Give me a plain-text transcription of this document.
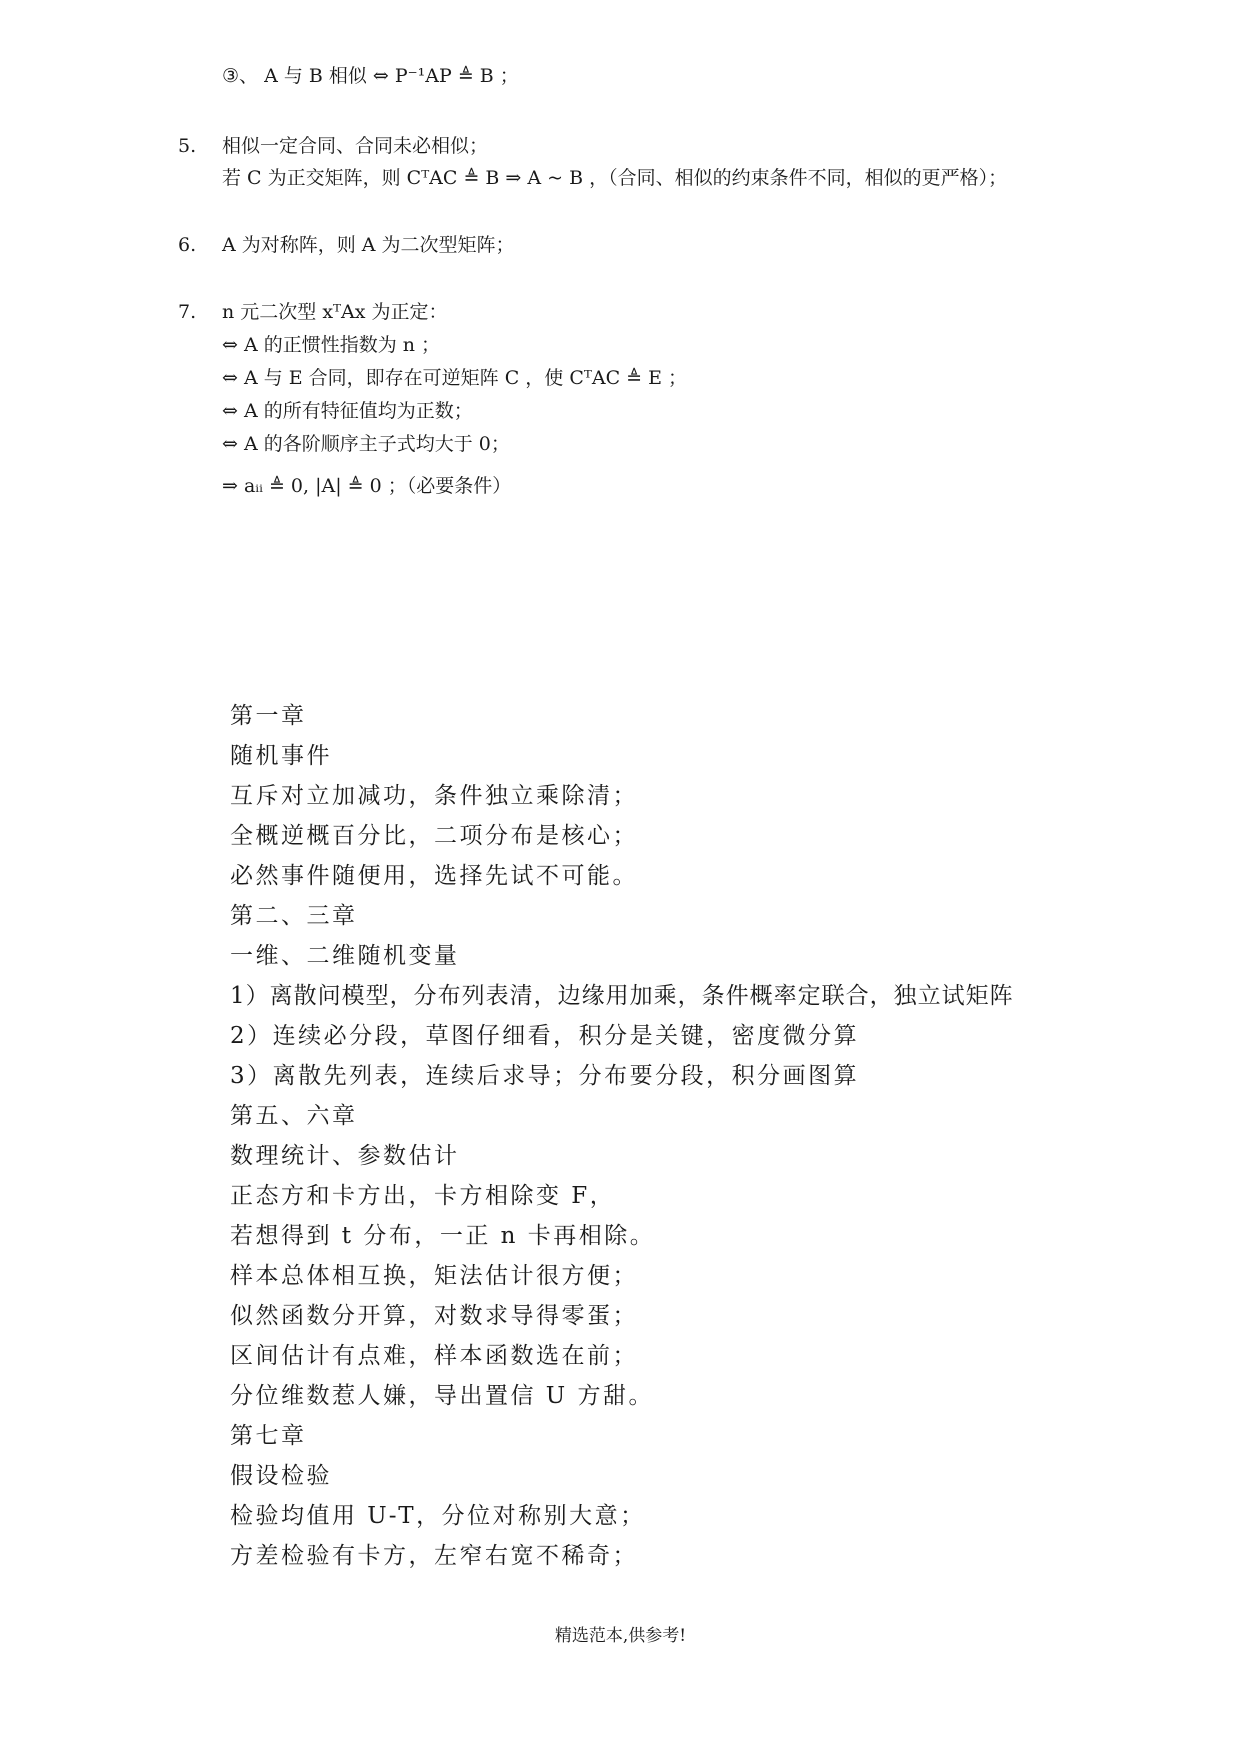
③、 A 与 B 相似 ⇔ P⁻¹AP ≜ B ；
5. 相似一定合同、合同未必相似；
若 C 为正交矩阵，则 CᵀAC ≜ B ⇒ A ~ B ，（合同、相似的约束条件不同，相似的更严格）；
6. A 为对称阵，则 A 为二次型矩阵；
7. n 元二次型 xᵀAx 为正定：
⇔ A 的正惯性指数为 n ；
⇔ A 与 E 合同，即存在可逆矩阵 C ，使 CᵀAC ≜ E ；
⇔ A 的所有特征值均为正数；
⇔ A 的各阶顺序主子式均大于 0；
⇒ aᵢᵢ ≜ 0, |A| ≜ 0 ；（必要条件）
第一章
随机事件
互斥对立加减功，条件独立乘除清；
全概逆概百分比，二项分布是核心；
必然事件随便用，选择先试不可能。
第二、三章
一维、二维随机变量
1）离散问模型，分布列表清，边缘用加乘，条件概率定联合，独立试矩阵
2）连续必分段，草图仔细看，积分是关键，密度微分算
3）离散先列表，连续后求导；分布要分段，积分画图算
第五、六章
数理统计、参数估计
正态方和卡方出，卡方相除变 F，
若想得到 t 分布，一正 n 卡再相除。
样本总体相互换，矩法估计很方便；
似然函数分开算，对数求导得零蛋；
区间估计有点难，样本函数选在前；
分位维数惹人嫌，导出置信 U 方甜。
第七章
假设检验
检验均值用 U-T，分位对称别大意；
方差检验有卡方，左窄右宽不稀奇；
精选范本,供参考!
